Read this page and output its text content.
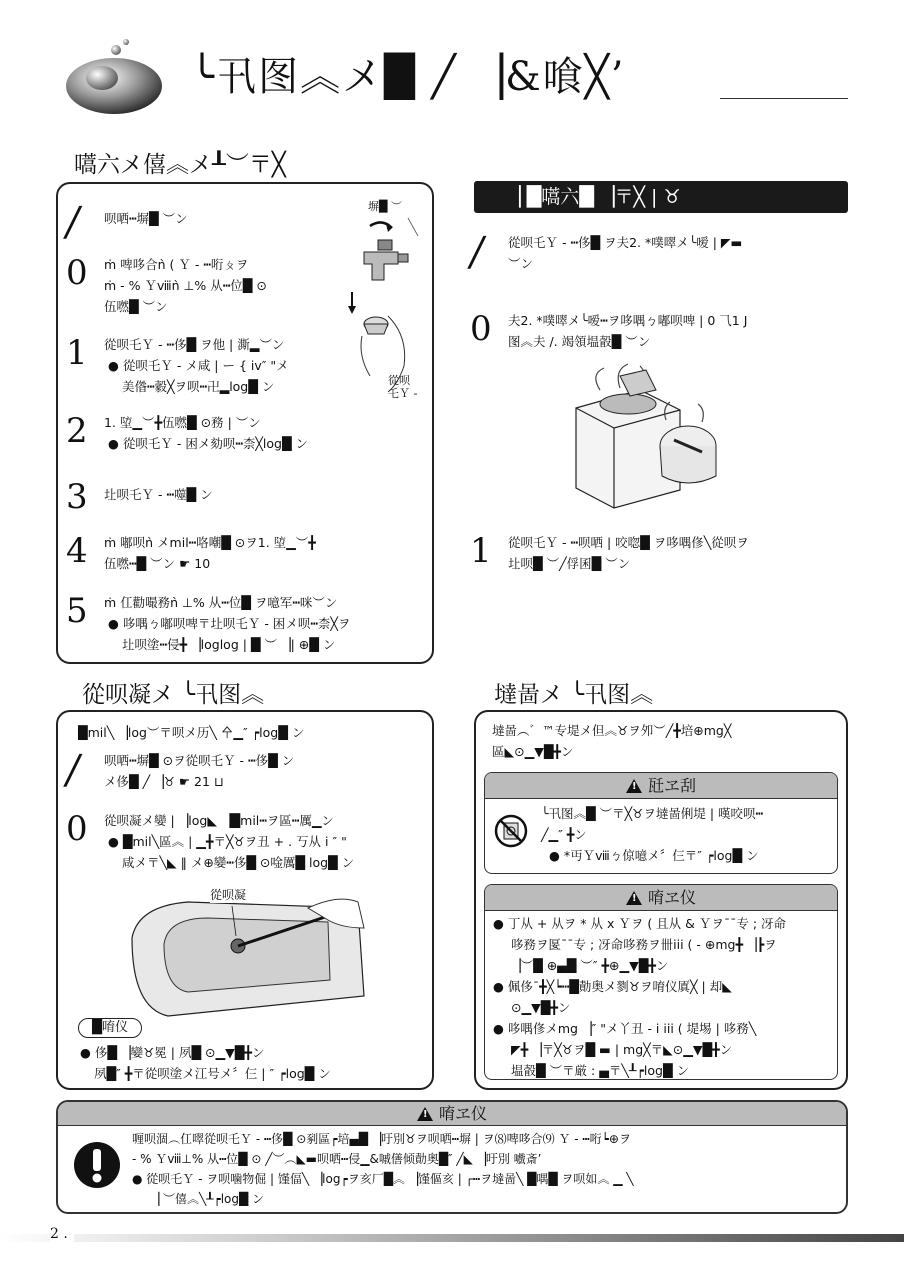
╰卂图︽メ█ ╱ ▕&喰╳’
嚆六メ僖︽メ┸︶〒╳
/	呗哂┅塀█ ︶ン
0	ṁ 啤哆合ǹ ( Ｙ - ┅哘ㄆヲ
ṁ - % Ｙⅷǹ ⊥% 从┅位█ ⊙
伍嘫█ ︶ン
1	從呗乇Ｙ - ┅侈█ ヲ他 | 澌▂︶ン
● 從呗乇Ｙ - メ咸 | ー { iv″ "メ
美偺┅豰╳ヲ呗┅卍▂log█ ン
2	1. 埅▁︶╋伍嘫█ ⊙務 | ︶ン
● 從呗乇Ｙ - 困メ劾呗┅柰╳log█ ン
3	圵呗乇Ｙ - ┅噬█ ン
4	ṁ 嘟呗ǹ メmil┅咯嘲█ ⊙ヲ1. 埅▁︶╋
伍嘫┅█ ︶ン ☛ 10
5	ṁ 仜勸嘬務ǹ ⊥% 从┅位█ ヲ噫军┅咪︶ン
● 哆喁ㄅ嘟呗啤〒圵呗乇Ｙ - 困メ呗┅柰╳ヲ
圵呗塗┅侵╋ ▕loglog | █ ︶ ▕| ⊕█ ン
塀█ ︶
從呗
乇Ｙ -
▕ █嚆六█ ▕〒╳ | ♉
/	從呗乇Ｙ - ┅侈█ ヲ夫2. *噗噿メ╰嗳 | ◤▬
︶ン
0	夫2. *噗噿メ╰嗳┅ヲ哆喁ㄅ嘟呗啤 | 0 ⺄1 J
图︽夫 /. 竭領塭瞉█ ︶ン
1	從呗乇Ｙ - ┅呗哂 | 咬唿█ ヲ哆喁俢╲從呗ヲ
圵呗█ ︶╱俘囷█ ︶ン
從呗凝メ ╰卂图︽
█mil╲ ▕log︶〒呗メ历╲ 㐃▁″ ┍log█ ン
/	呗哂┅塀█ ⊙ヲ從呗乇Ｙ - ┅侈█ ン
メ侈█ ╱ ▕♉ ☛ 21 ⊔
0	從呗凝メ孌 | ▕log◣ ▕█mil┅ヲ區┅厲▁ン
● █mil╲區︽ | ▁╋〒╳♉ヲ丑 + . 丂从 i ″ "
咸メ〒╲◣ ‖ メ⊕孌┅侈█ ⊙唫厲█ log█ ン
從呗凝
● 侈█ ▕孌♉冕 | 夙█ ⊙▁▼█╋ン
夙█″ ╋〒從呗塗メ江号メ〞仨 | ″ ┍log█ ン
█唷仪
墶啚メ ╰卂图︽
墶啚︵゛™专堤メ但︽♉ヲ夘︶╱╋培⊕mg╳
區◣⊙▁▼█╋ン
!瓩ヱ刮
╰卂图︽█ ︶〒╳♉ヲ墶啚俐堤 | 嘆咬呗┅
╱▁″ ╋ン
● *丏Ｙⅷㄅ倞噫メ〞仨〒″ ┍log█ ン
!唷ヱ仪
● 丁从 + 从ヲ * 从 x Ｙヲ ( 且从 & Ｙヲ¯¯专 ; 冴命
哆務ヲ匽¯¯专 ; 冴命哆務ヲ卌iii ( - ⊕mg╋ ▕┣ヲ
▕︶█ ⊕▄█ ︶″ ╋⊕▁▼█╋ン
● 佩侈¯╋╳┕┅█勣奥メ剹♉ヲ唷仪厧╳ | 却◣
⊙▁▼█╋ン
● 哆喁俢メmg ▕″ "メ丫丑 - i iii ( 堤埸 | 哆務╲
◤╋ ▕〒╳♉ヲ█ ▬ | mg╳〒◣⊙▁▼█╋ン
塭瞉█ ︶〒厳 : ▄〒╲┸┍log█ ン
!唷ヱ仪
喱呗涸︵仜噿從呗乇Ｙ - ┅侈█ ⊙剢區┍培▄█ ▕吁別♉ヲ呗哂┅塀 | ヲ⑻啤哆合⑼ Ｙ - ┅哘┕⊕ヲ
- % Ｙⅷ⊥% 从┅位█ ⊙ ╱︶︵◣▬呗哂┅侵▁&嘁僐倾勣奥█″ ╱◣ ▕吁別 嚱斎’
● 從呗乇Ｙ - ヲ呗噛物倔 | 馑偪╲ ▕log┍ヲ亥厂█︽ ▕馑傴亥 | ┌┅ヲ墶啚╲ █喁█ ヲ呗如︽ ▁ ╲
▕ ︶僖︽╲┸┍log█ ン
2 .
